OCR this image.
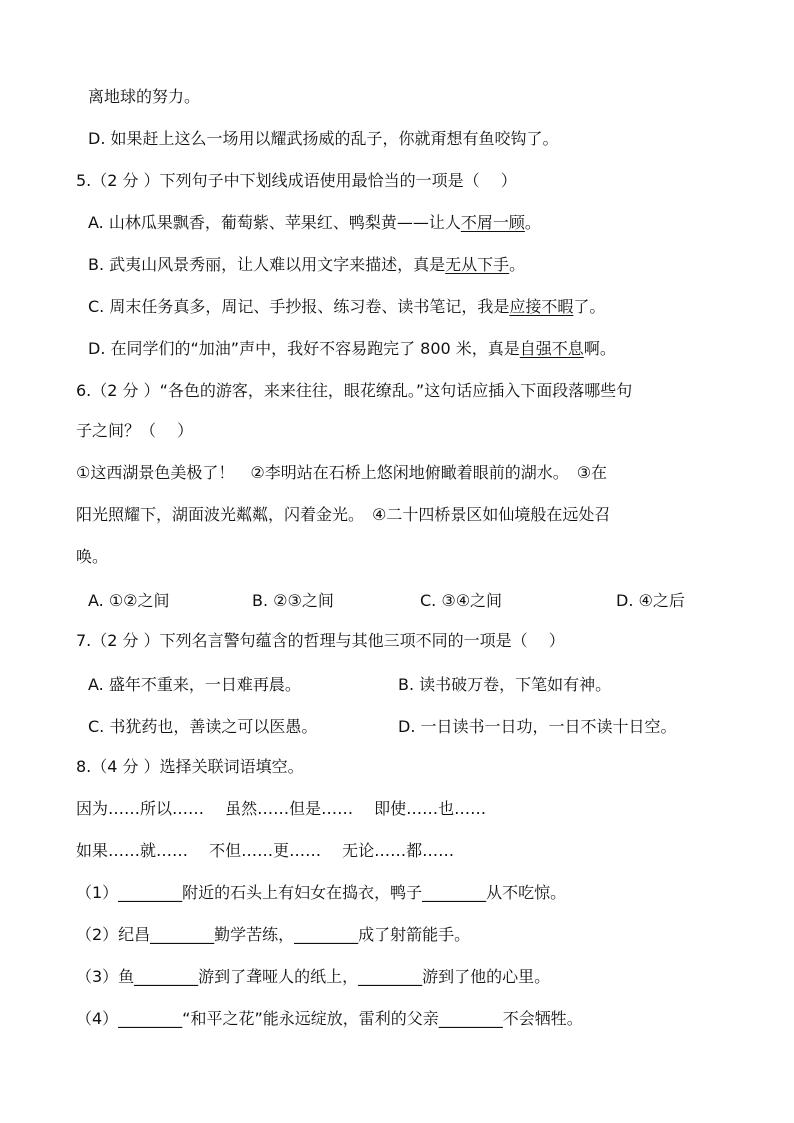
离地球的努力。
D. 如果赶上这么一场用以耀武扬威的乱子，你就甭想有鱼咬钩了。
5.（2 分 ）下列句子中下划线成语使用最恰当的一项是（　 ）
A. 山林瓜果飘香，葡萄紫、苹果红、鸭梨黄——让人不屑一顾。
B. 武夷山风景秀丽，让人难以用文字来描述，真是无从下手。
C. 周末任务真多，周记、手抄报、练习卷、读书笔记，我是应接不暇了。
D. 在同学们的“加油”声中，我好不容易跑完了 800 米，真是自强不息啊。
6.（2 分 ）“各色的游客，来来往往，眼花缭乱。”这句话应插入下面段落哪些句
子之间？（　 ）
①这西湖景色美极了！　②李明站在石桥上悠闲地俯瞰着眼前的湖水。　③在
阳光照耀下，湖面波光粼粼，闪着金光。　④二十四桥景区如仙境般在远处召
唤。
A. ①②之间	B. ②③之间	C. ③④之间	D. ④之后
7.（2 分 ）下列名言警句蕴含的哲理与其他三项不同的一项是（　 ）
A. 盛年不重来，一日难再晨。	B. 读书破万卷，下笔如有神。
C. 书犹药也，善读之可以医愚。	D. 一日读书一日功，一日不读十日空。
8.（4 分 ）选择关联词语填空。
因为……所以……　 虽然……但是……　 即使……也……
如果……就……　 不但……更……　 无论……都……
（1）________附近的石头上有妇女在捣衣，鸭子________从不吃惊。
（2）纪昌________勤学苦练，________成了射箭能手。
（3）鱼________游到了聋哑人的纸上，________游到了他的心里。
（4）________“和平之花”能永远绽放，雷利的父亲________不会牺牲。
